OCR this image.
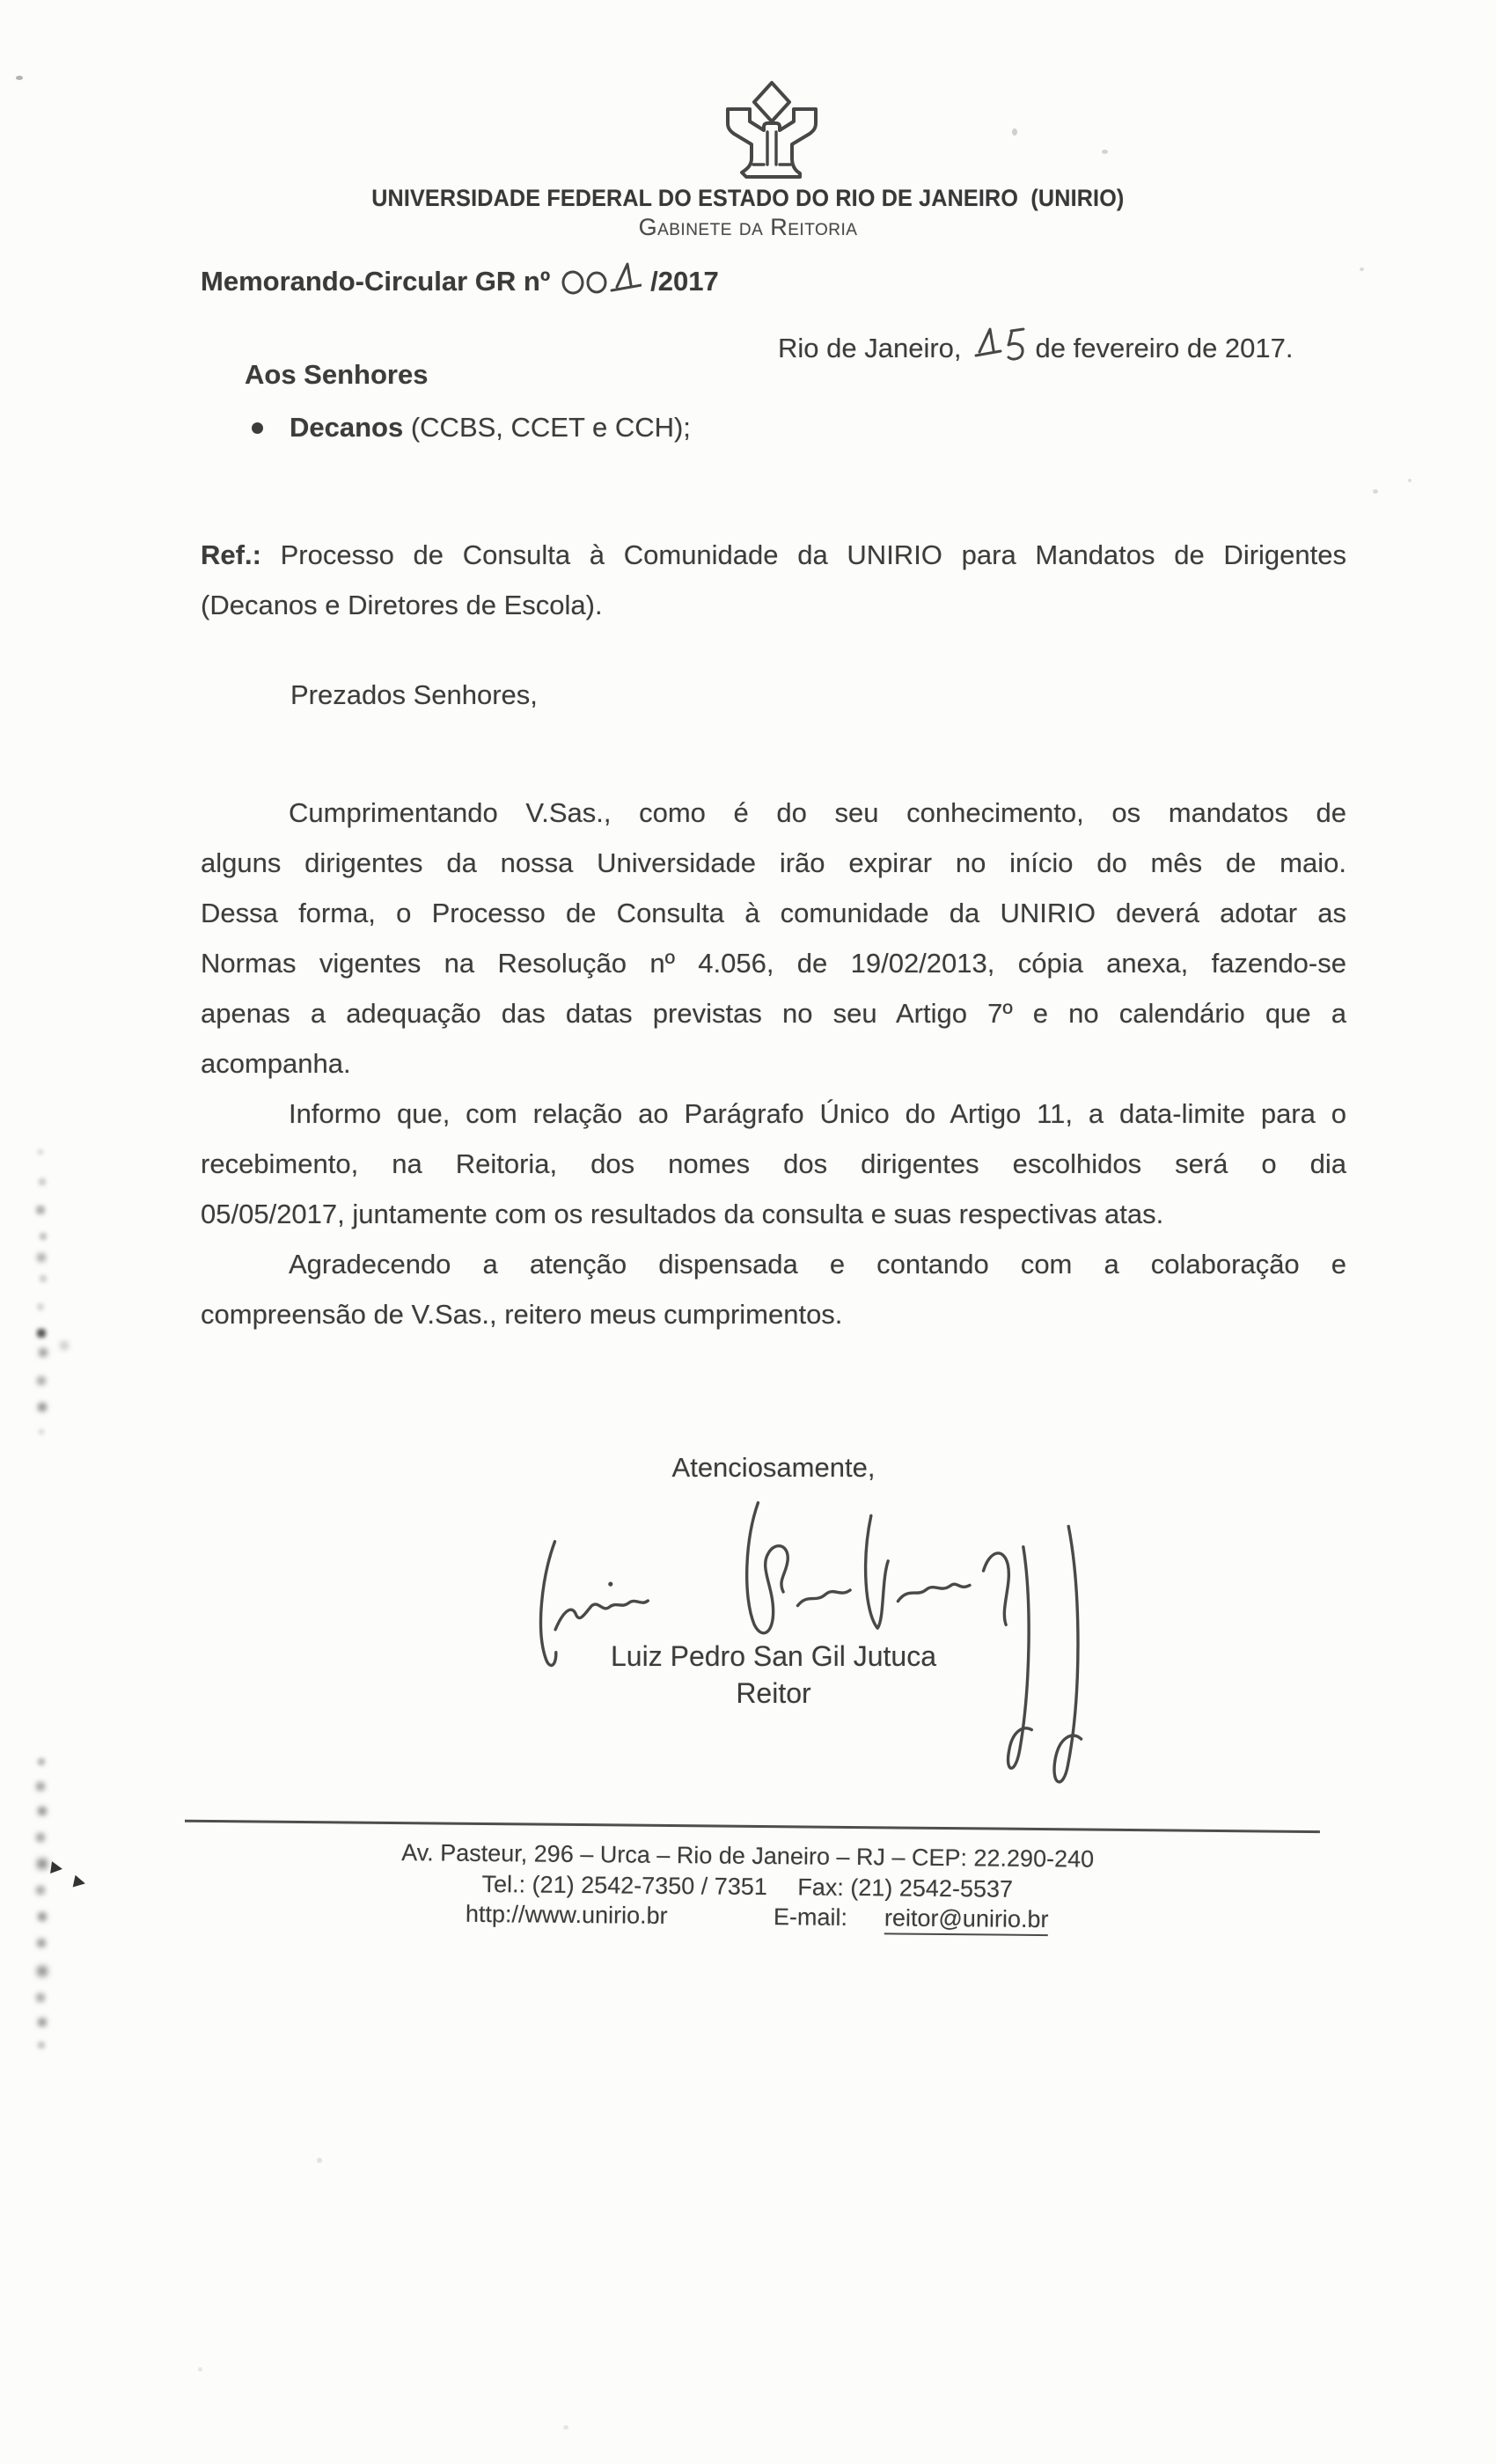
UNIVERSIDADE FEDERAL DO ESTADO DO RIO DE JANEIRO  (UNIRIO)
Gabinete da Reitoria
Memorando-Circular GR nº	/2017
Rio de Janeiro,	de fevereiro de 2017.
Aos Senhores
Decanos (CCBS, CCET e CCH);
Ref.: Processo de Consulta à Comunidade da UNIRIO para Mandatos de Dirigentes
(Decanos e Diretores de Escola).
Prezados Senhores,
Cumprimentando V.Sas., como é do seu conhecimento, os mandatos de
alguns dirigentes da nossa Universidade irão expirar no início do mês de maio.
Dessa forma, o Processo de Consulta à comunidade da UNIRIO deverá adotar as
Normas vigentes na Resolução nº 4.056, de 19/02/2013, cópia anexa, fazendo-se
apenas a adequação das datas previstas no seu Artigo 7º e no calendário que a
acompanha.
Informo que, com relação ao Parágrafo Único do Artigo 11, a data-limite para o
recebimento, na Reitoria, dos nomes dos dirigentes escolhidos será o dia
05/05/2017, juntamente com os resultados da consulta e suas respectivas atas.
Agradecendo a atenção dispensada e contando com a colaboração e
compreensão de V.Sas., reitero meus cumprimentos.
Atenciosamente,
Luiz Pedro San Gil Jutuca
Reitor
Av. Pasteur, 296 – Urca – Rio de Janeiro – RJ – CEP: 22.290-240
Tel.: (21) 2542-7350 / 7351  Fax: (21) 2542-5537
http://www.unirio.br	E-mail: reitor@unirio.br
